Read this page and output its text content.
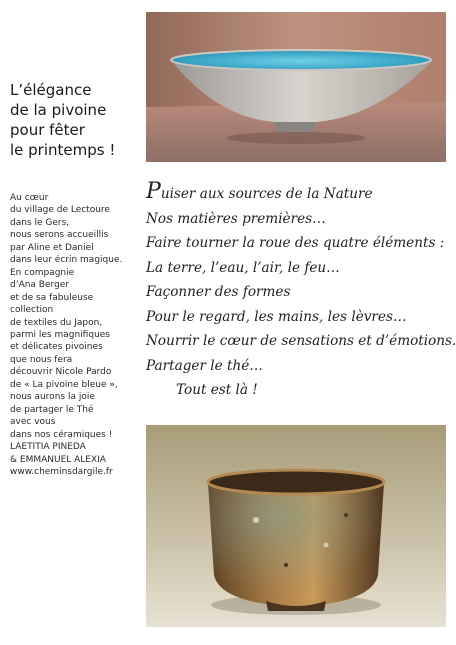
L’élégance
de la pivoine
pour fêter
le printemps !
Au cœur
du village de Lectoure
dans le Gers,
nous serons accueillis
par Aline et Daniel
dans leur écrin magique.
En compagnie
d’Ana Berger
et de sa fabuleuse
collection
de textiles du Japon,
parmi les magnifiques
et délicates pivoines
que nous fera
découvrir Nicole Pardo
de « La pivoine bleue »,
nous aurons la joie
de partager le Thé
avec vous
dans nos céramiques !
LAETITIA PINEDA
& EMMANUEL ALEXIA
www.cheminsdargile.fr
Puiser aux sources de la Nature
Nos matières premières…
Faire tourner la roue des quatre éléments :
La terre, l’eau, l’air, le feu…
Façonner des formes
Pour le regard, les mains, les lèvres…
Nourrir le cœur de sensations et d’émotions.
Partager le thé…
Tout est là !
